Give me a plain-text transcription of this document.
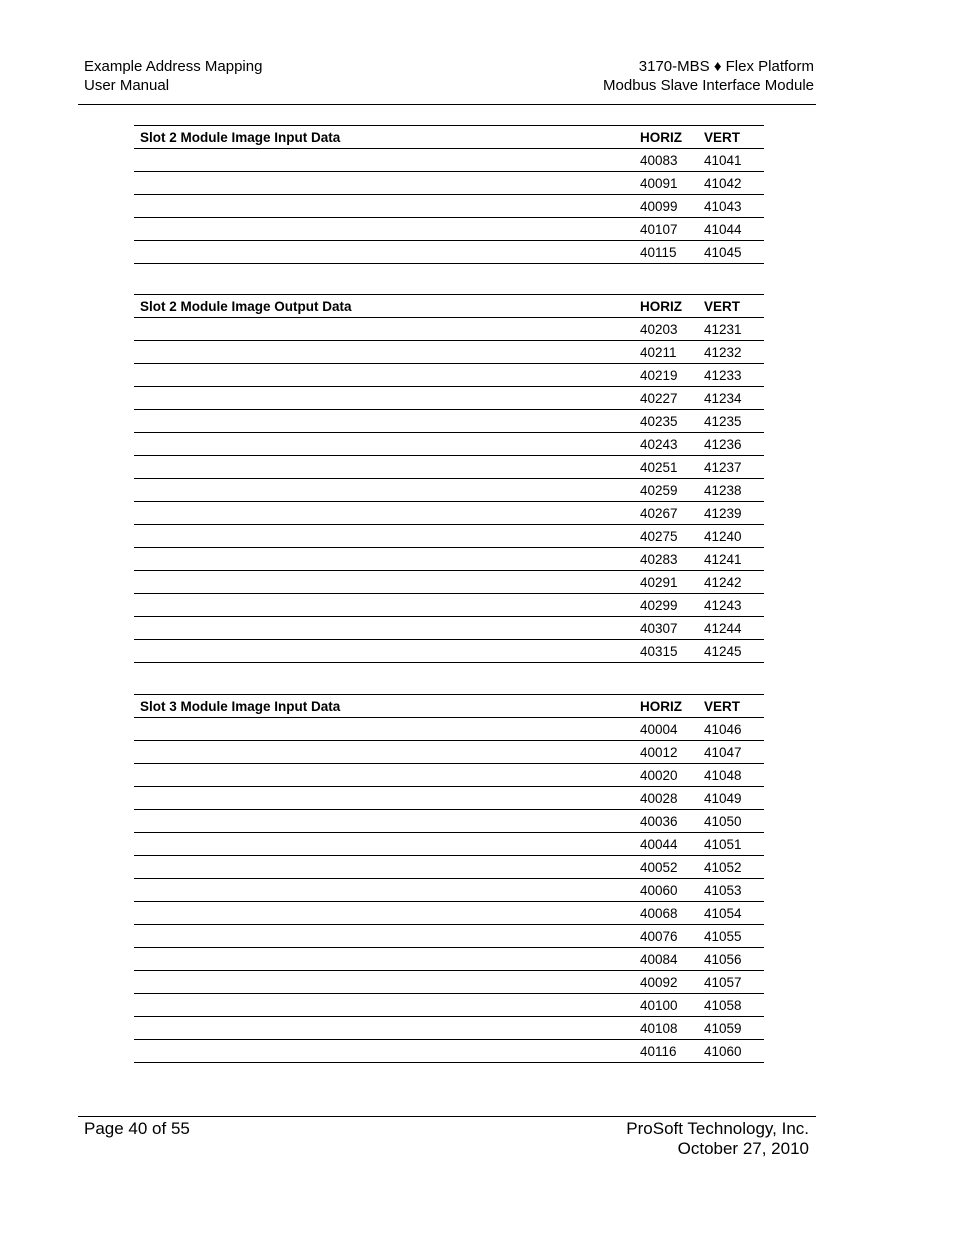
Example Address Mapping
User Manual
3170-MBS ♦ Flex Platform
Modbus Slave Interface Module
Slot 2 Module Image Input Data	HORIZ	VERT
	40083	41041
	40091	41042
	40099	41043
	40107	41044
	40115	41045
Slot 2 Module Image Output Data	HORIZ	VERT
	40203	41231
	40211	41232
	40219	41233
	40227	41234
	40235	41235
	40243	41236
	40251	41237
	40259	41238
	40267	41239
	40275	41240
	40283	41241
	40291	41242
	40299	41243
	40307	41244
	40315	41245
Slot 3 Module Image Input Data	HORIZ	VERT
	40004	41046
	40012	41047
	40020	41048
	40028	41049
	40036	41050
	40044	41051
	40052	41052
	40060	41053
	40068	41054
	40076	41055
	40084	41056
	40092	41057
	40100	41058
	40108	41059
	40116	41060
Page 40 of 55	ProSoft Technology, Inc.
October 27, 2010
